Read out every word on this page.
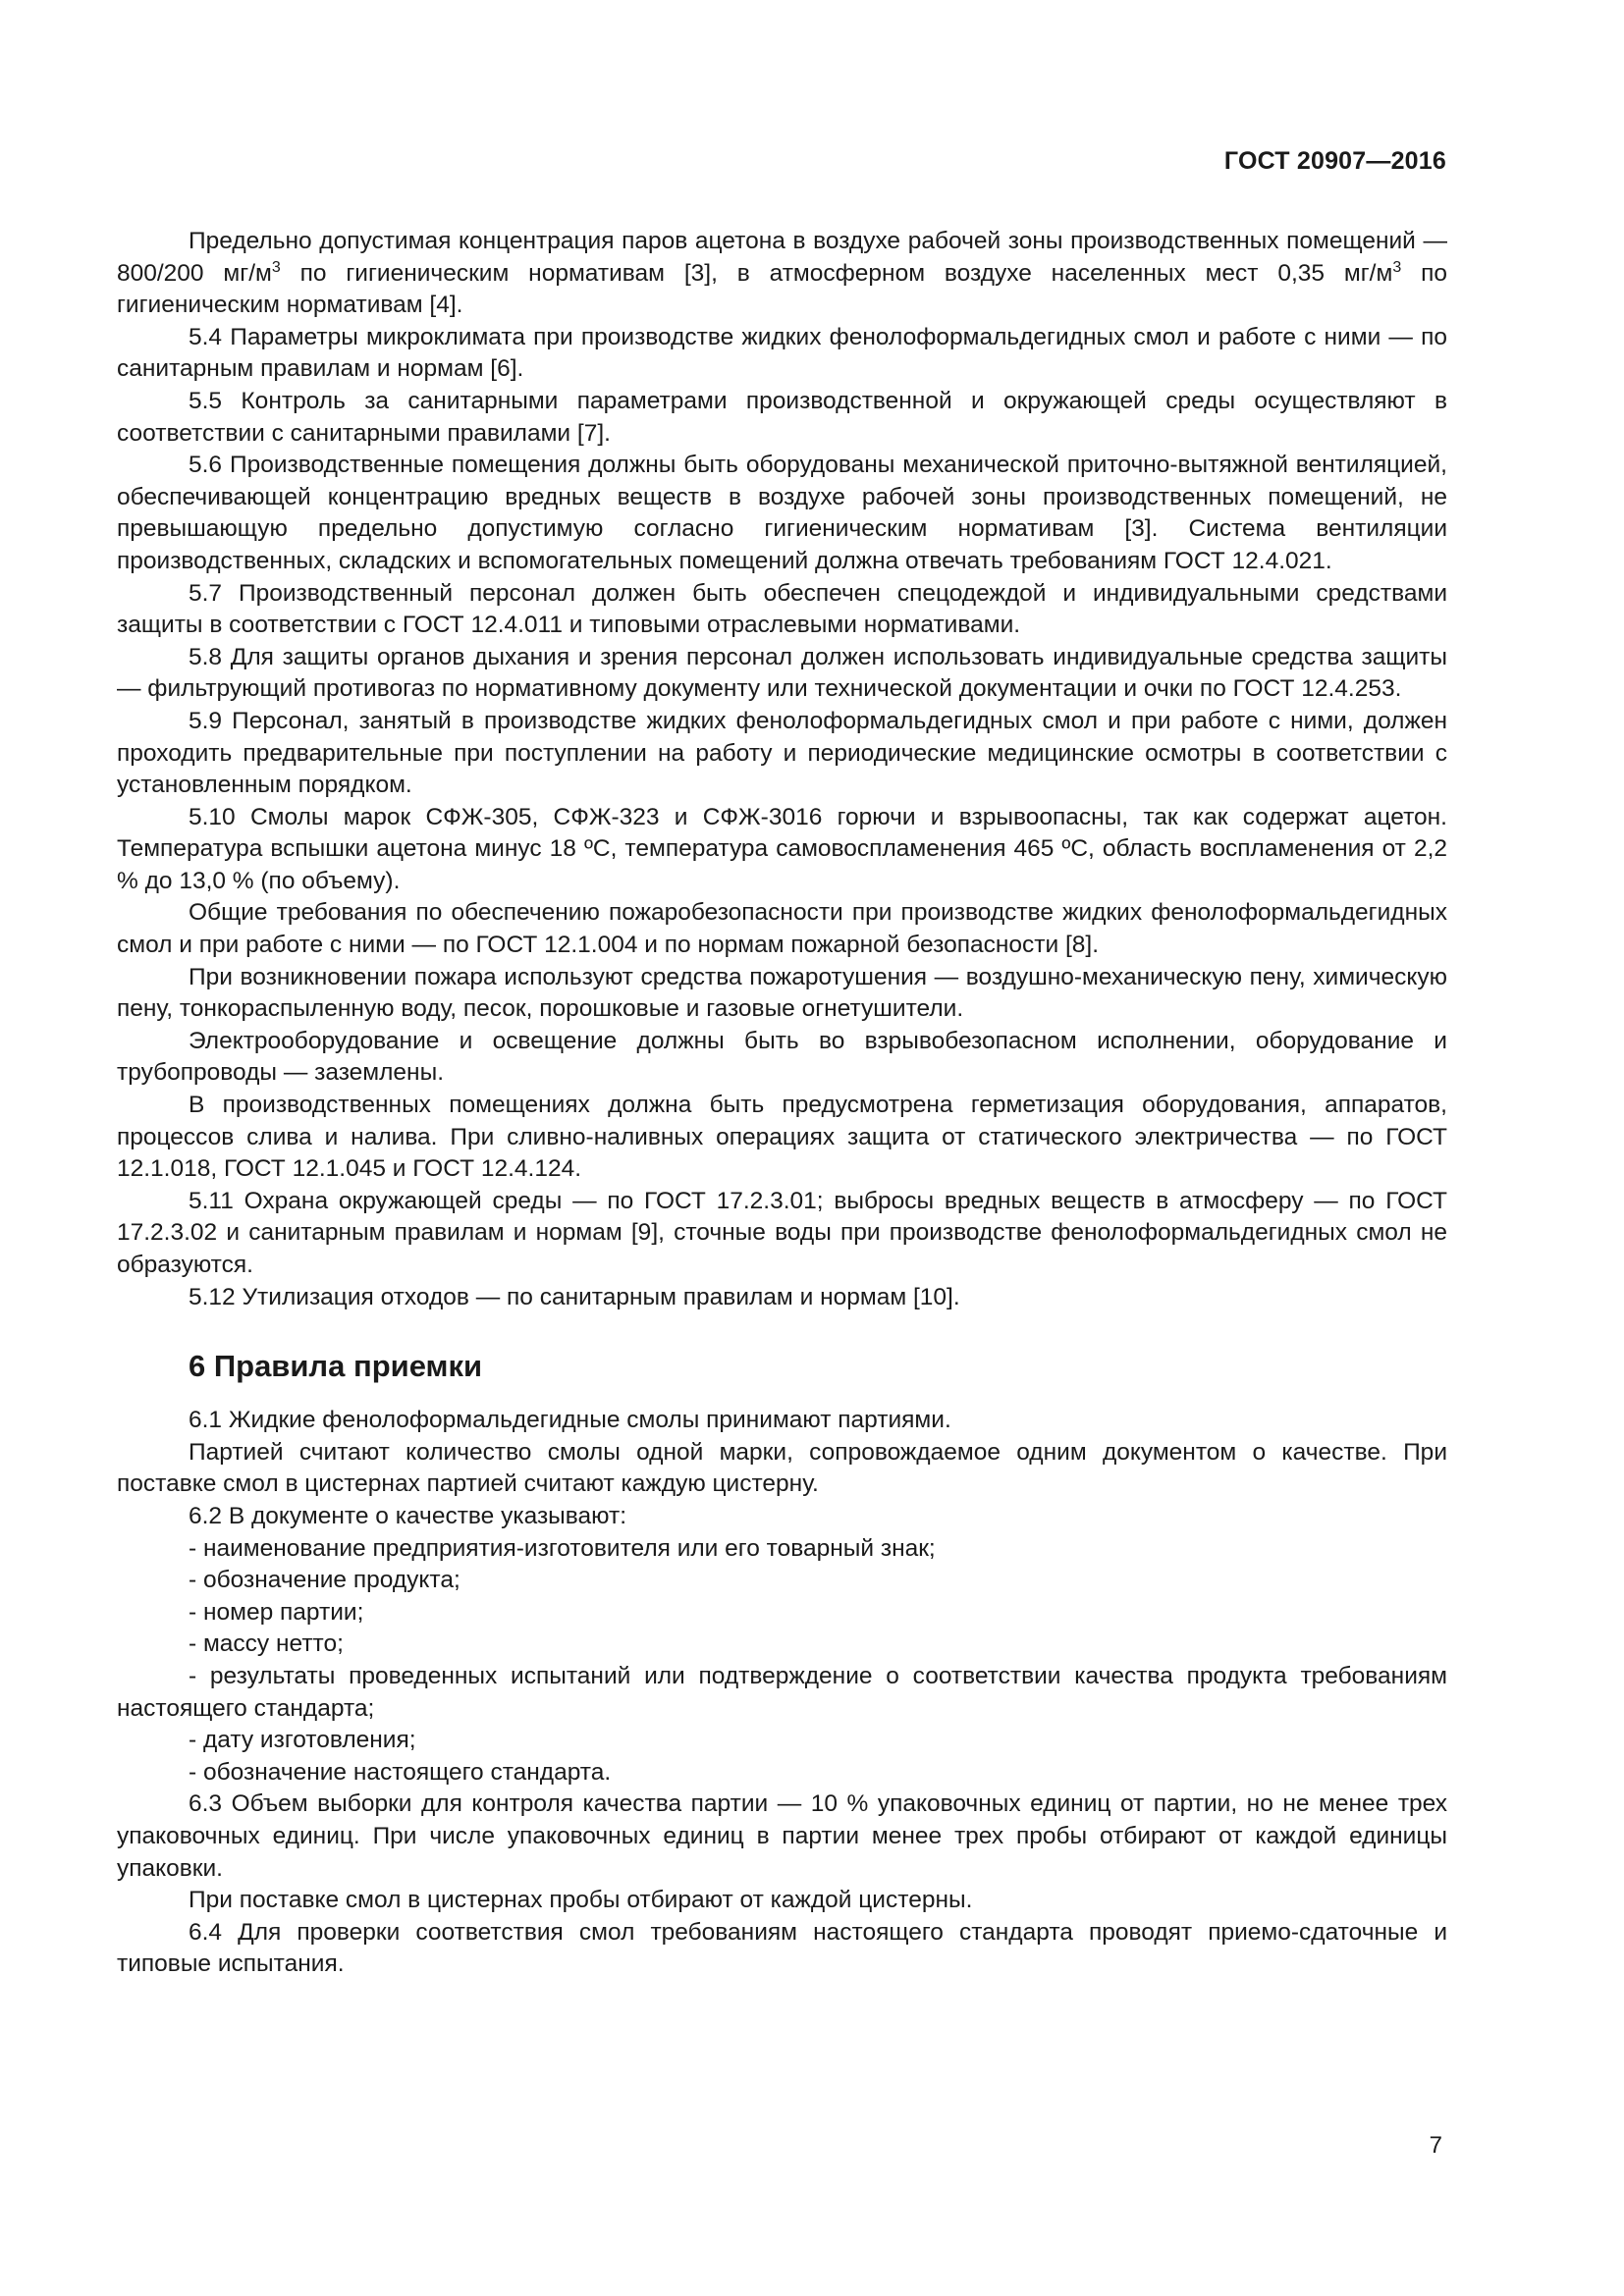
ГОСТ 20907—2016

Предельно допустимая концентрация паров ацетона в воздухе рабочей зоны производственных помещений — 800/200 $мг/м^3$ по гигиеническим нормативам [3], в атмосферном воздухе населенных мест 0,35 $мг/м^3$ по гигиеническим нормативам [4].

5.4 Параметры микроклимата при производстве жидких фенолоформальдегидных смол и работе с ними — по санитарным правилам и нормам [6].

5.5 Контроль за санитарными параметрами производственной и окружающей среды осуществляют в соответствии с санитарными правилами [7].

5.6 Производственные помещения должны быть оборудованы механической приточно-вытяжной вентиляцией, обеспечивающей концентрацию вредных веществ в воздухе рабочей зоны производственных помещений, не превышающую предельно допустимую согласно гигиеническим нормативам [3]. Система вентиляции производственных, складских и вспомогательных помещений должна отвечать требованиям ГОСТ 12.4.021.

5.7 Производственный персонал должен быть обеспечен спецодеждой и индивидуальными средствами защиты в соответствии с ГОСТ 12.4.011 и типовыми отраслевыми нормативами.

5.8 Для защиты органов дыхания и зрения персонал должен использовать индивидуальные средства защиты — фильтрующий противогаз по нормативному документу или технической документации и очки по ГОСТ 12.4.253.

5.9 Персонал, занятый в производстве жидких фенолоформальдегидных смол и при работе с ними, должен проходить предварительные при поступлении на работу и периодические медицинские осмотры в соответствии с установленным порядком.

5.10 Смолы марок СФЖ-305, СФЖ-323 и СФЖ-3016 горючи и взрывоопасны, так как содержат ацетон. Температура вспышки ацетона минус 18 ºС, температура самовоспламенения 465 ºС, область воспламенения от 2,2 % до 13,0 % (по объему).

Общие требования по обеспечению пожаробезопасности при производстве жидких фенолоформальдегидных смол и при работе с ними — по ГОСТ 12.1.004 и по нормам пожарной безопасности [8].

При возникновении пожара используют средства пожаротушения — воздушно-механическую пену, химическую пену, тонкораспыленную воду, песок, порошковые и газовые огнетушители.

Электрооборудование и освещение должны быть во взрывобезопасном исполнении, оборудование и трубопроводы — заземлены.

В производственных помещениях должна быть предусмотрена герметизация оборудования, аппаратов, процессов слива и налива. При сливно-наливных операциях защита от статического электричества — по ГОСТ 12.1.018, ГОСТ 12.1.045 и ГОСТ 12.4.124.

5.11 Охрана окружающей среды — по ГОСТ 17.2.3.01; выбросы вредных веществ в атмосферу — по ГОСТ 17.2.3.02 и санитарным правилам и нормам [9], сточные воды при производстве фенолоформальдегидных смол не образуются.

5.12 Утилизация отходов — по санитарным правилам и нормам [10].

6 Правила приемки

6.1 Жидкие фенолоформальдегидные смолы принимают партиями.

Партией считают количество смолы одной марки, сопровождаемое одним документом о качестве. При поставке смол в цистернах партией считают каждую цистерну.

6.2 В документе о качестве указывают:

- наименование предприятия-изготовителя или его товарный знак;

- обозначение продукта;

- номер партии;

- массу нетто;

- результаты проведенных испытаний или подтверждение о соответствии качества продукта требованиям настоящего стандарта;

- дату изготовления;

- обозначение настоящего стандарта.

6.3 Объем выборки для контроля качества партии — 10 % упаковочных единиц от партии, но не менее трех упаковочных единиц. При числе упаковочных единиц в партии менее трех пробы отбирают от каждой единицы упаковки.

При поставке смол в цистернах пробы отбирают от каждой цистерны.

6.4 Для проверки соответствия смол требованиям настоящего стандарта проводят приемо-сдаточные и типовые испытания.

7
